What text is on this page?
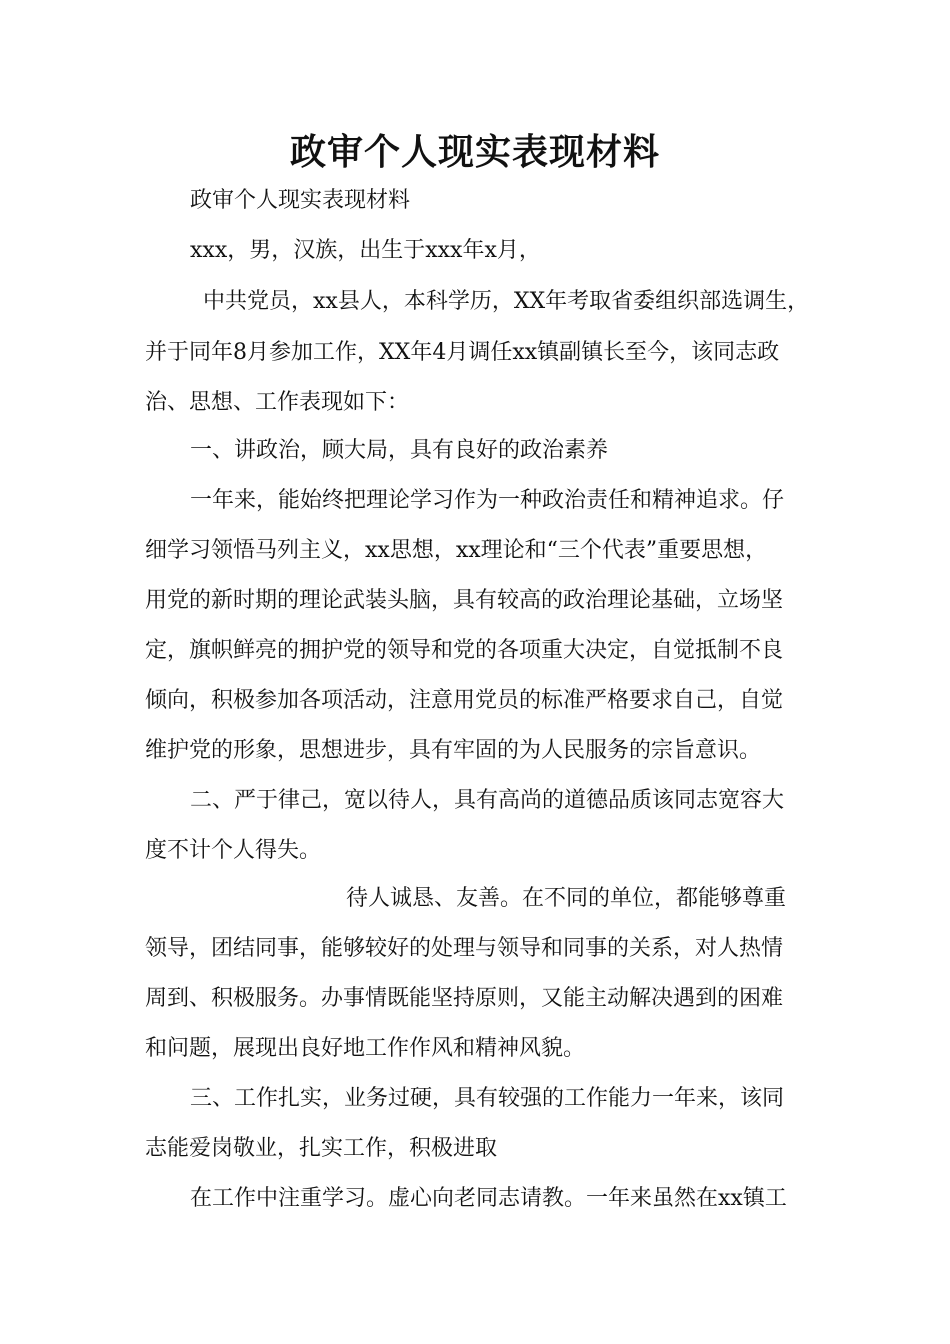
政审个人现实表现材料
政审个人现实表现材料
xxx，男，汉族，出生于xxx年x月，
中共党员，xx县人，本科学历，XX年考取省委组织部选调生，
并于同年8月参加工作，XX年4月调任xx镇副镇长至今，该同志政
治、思想、工作表现如下：
一、讲政治，顾大局，具有良好的政治素养
一年来，能始终把理论学习作为一种政治责任和精神追求。仔
细学习领悟马列主义，xx思想，xx理论和“三个代表”重要思想，
用党的新时期的理论武装头脑，具有较高的政治理论基础，立场坚
定，旗帜鲜亮的拥护党的领导和党的各项重大决定，自觉抵制不良
倾向，积极参加各项活动，注意用党员的标准严格要求自己，自觉
维护党的形象，思想进步，具有牢固的为人民服务的宗旨意识。
二、严于律己，宽以待人，具有高尚的道德品质该同志宽容大
度不计个人得失。
待人诚恳、友善。在不同的单位，都能够尊重
领导，团结同事，能够较好的处理与领导和同事的关系，对人热情
周到、积极服务。办事情既能坚持原则，又能主动解决遇到的困难
和问题，展现出良好地工作作风和精神风貌。
三、工作扎实，业务过硬，具有较强的工作能力一年来，该同
志能爱岗敬业，扎实工作，积极进取
在工作中注重学习。虚心向老同志请教。一年来虽然在xx镇工
